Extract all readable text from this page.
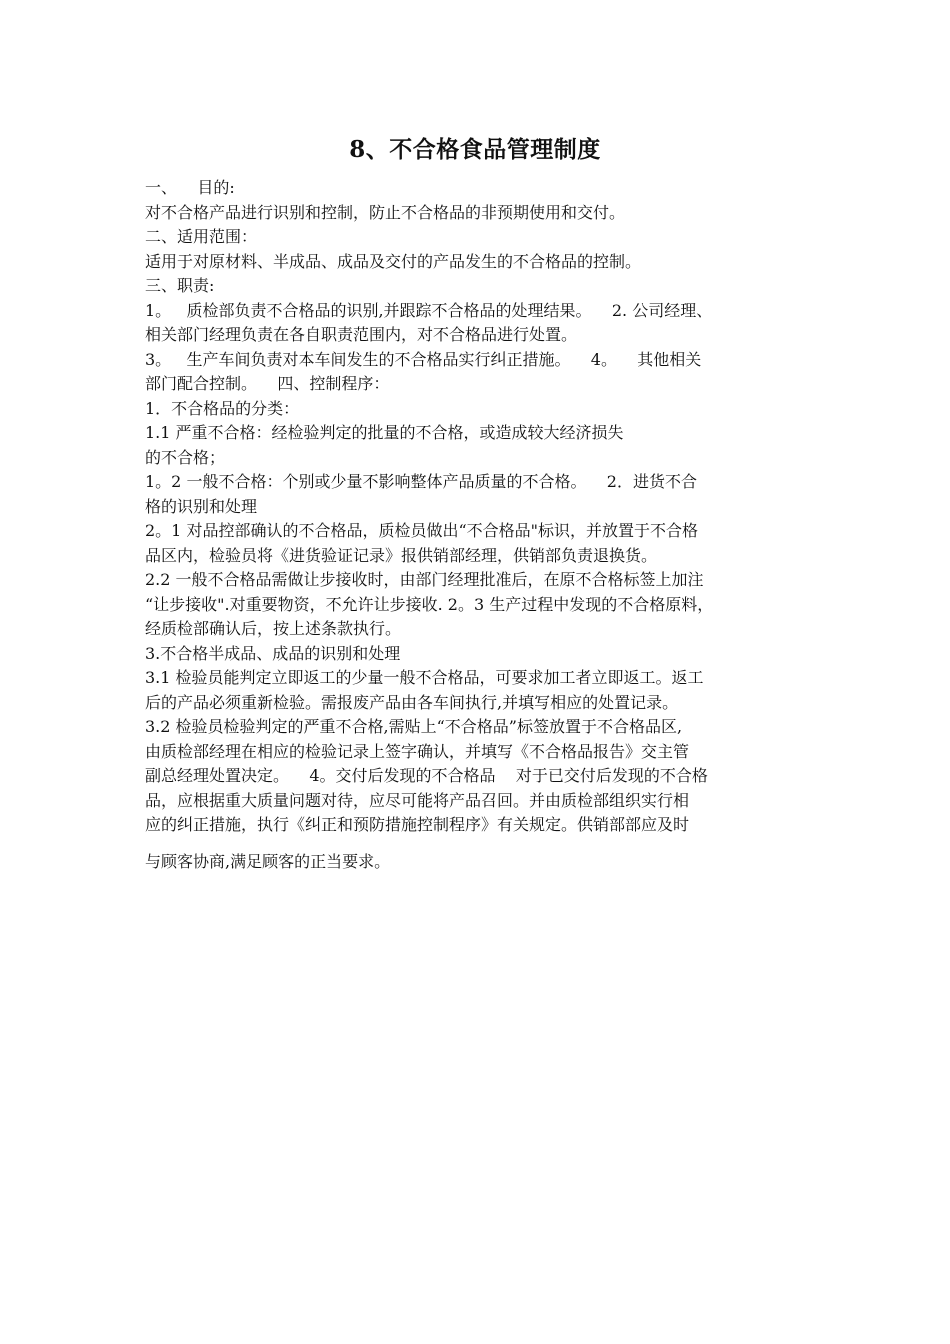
8、不合格食品管理制度
一、    目的:
对不合格产品进行识别和控制，防止不合格品的非预期使用和交付。
二、适用范围：
适用于对原材料、半成品、成品及交付的产品发生的不合格品的控制。
三、职责:
1。   质检部负责不合格品的识别,并跟踪不合格品的处理结果。    2. 公司经理、
相关部门经理负责在各自职责范围内，对不合格品进行处置。
3。   生产车间负责对本车间发生的不合格品实行纠正措施。    4。    其他相关
部门配合控制。    四、控制程序：
1．不合格品的分类：
1.1 严重不合格：经检验判定的批量的不合格，或造成较大经济损失
的不合格；
1。2 一般不合格：个别或少量不影响整体产品质量的不合格。    2．进货不合
格的识别和处理
2。1 对品控部确认的不合格品，质检员做出“不合格品"标识，并放置于不合格
品区内，检验员将《进货验证记录》报供销部经理，供销部负责退换货。
2.2 一般不合格品需做让步接收时，由部门经理批准后，在原不合格标签上加注
“让步接收".对重要物资，不允许让步接收. 2。3 生产过程中发现的不合格原料，
经质检部确认后，按上述条款执行。
3.不合格半成品、成品的识别和处理
3.1 检验员能判定立即返工的少量一般不合格品，可要求加工者立即返工。返工
后的产品必须重新检验。需报废产品由各车间执行,并填写相应的处置记录。
3.2 检验员检验判定的严重不合格,需贴上“不合格品”标签放置于不合格品区,
由质检部经理在相应的检验记录上签字确认，并填写《不合格品报告》交主管
副总经理处置决定。    4。交付后发现的不合格品    对于已交付后发现的不合格
品，应根据重大质量问题对待，应尽可能将产品召回。并由质检部组织实行相
应的纠正措施，执行《纠正和预防措施控制程序》有关规定。供销部部应及时
与顾客协商,满足顾客的正当要求。
